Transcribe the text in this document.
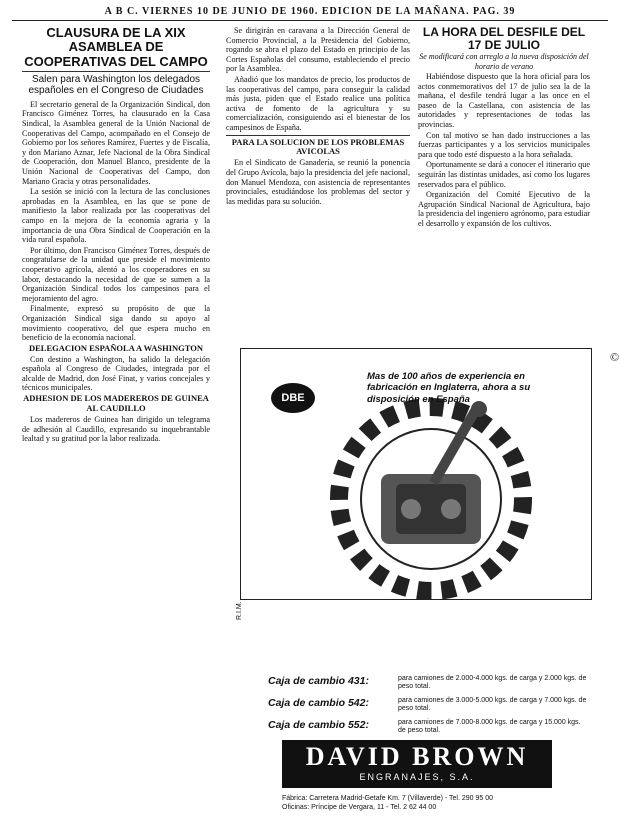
A B C. VIERNES 10 DE JUNIO DE 1960. EDICION DE LA MAÑANA. PAG. 39
CLAUSURA DE LA XIX ASAMBLEA DE COOPERATIVAS DEL CAMPO
Salen para Washington los delegados españoles en el Congreso de Ciudades

El secretario general de la Organización Sindical, don Francisco Giménez Torres, ha clausurado en la Casa Sindical, la Asamblea general de la Unión Nacional de Cooperativas del Campo, acompañado en el Consejo de Gobierno por los señores Ramírez, Fuertes y de Fiscalía, y don Mariano Aznar, Jefe Nacional de la Obra Sindical de Cooperación, don Manuel Blanco, presidente de la Unión Nacional de Cooperativas del Campo, don Mariano Gracia y otras personalidades.

La sesión se inició con la lectura de las conclusiones aprobadas en la Asamblea, en las que se pone de manifiesto la labor realizada por las cooperativas del campo en la mejora de la economía agraria y la importancia de una Obra Sindical de Cooperación en la vida rural española.

Por último, don Francisco Giménez Torres, después de congratularse de la unidad que preside el movimiento cooperativo agrícola, alentó a los cooperadores en su labor, destacando la necesidad de que se sumen a la Organización Sindical todos los campesinos para el mejoramiento del agro.

Finalmente, expresó su propósito de que la Organización Sindical siga dando su apoyo al movimiento cooperativo, del que espera mucho en beneficio de la economía nacional.

DELEGACION ESPAÑOLA A WASHINGTON

Con destino a Washington, ha salido la delegación española al Congreso de Ciudades, integrada por el alcalde de Madrid, don José Finat, y varios concejales y técnicos municipales.

ADHESION DE LOS MADEREROS DE GUINEA AL CAUDILLO

Los madereros de Guinea han dirigido un telegrama de adhesión al Caudillo, expresando su inquebrantable lealtad y su gratitud por la labor realizada.

Se dirigirán en caravana a la Dirección General de Comercio Provincial, a la Presidencia del Gobierno, rogando se abra el plazo del Estado en principio de las Cortes Españolas del consumo, estableciendo el precio por la Asamblea.

Añadió que los mandatos de precio, los productos de las cooperativas del campo, para conseguir la calidad más justa, piden que el Estado realice una política activa de fomento de la agricultura y su comercialización, consiguiendo así el bienestar de los campesinos de España.

PARA LA SOLUCION DE LOS PROBLEMAS AVICOLAS

En el Sindicato de Ganadería, se reunió la ponencia del Grupo Avícola, bajo la presidencia del jefe nacional, don Manuel Mendoza, con asistencia de representantes provinciales, estudiándose los problemas del sector y las medidas para su solución.

LA HORA DEL DESFILE DEL 17 DE JULIO

Se modificará con arreglo a la nueva disposición del horario de verano

Habiéndose dispuesto que la hora oficial para los actos conmemorativos del 17 de julio sea la de la mañana, el desfile tendrá lugar a las once en el paseo de la Castellana, con asistencia de las autoridades y representaciones de todas las provincias.

Con tal motivo se han dado instrucciones a las fuerzas participantes y a los servicios municipales para que todo esté dispuesto a la hora señalada.

Oportunamente se dará a conocer el itinerario que seguirán las distintas unidades, así como los lugares reservados para el público.

Organización del Comité Ejecutivo de la Agrupación Sindical Nacional de Agricultura, bajo la presidencia del ingeniero agrónomo, para estudiar el desarrollo y expansión de los cultivos.

©
DBE
Mas de 100 años de experiencia en fabricación en Inglaterra, ahora a su disposición en España
R.I.M.
Caja de cambio 431:	para camiones de 2.000-4.000 kgs. de carga y 2.000 kgs. de peso total.
Caja de cambio 542:	para camiones de 3.000-5.000 kgs. de carga y 7.000 kgs. de peso total.
Caja de cambio 552:	para camiones de 7.000-8.000 kgs. de carga y 15.000 kgs. de peso total.
DAVID BROWN
ENGRANAJES, S.A.
Fábrica: Carretera Madrid-Getafe Km. 7 (Villaverde) - Tel. 290 95 00
Oficinas: Príncipe de Vergara, 11 - Tel. 2 62 44 00
